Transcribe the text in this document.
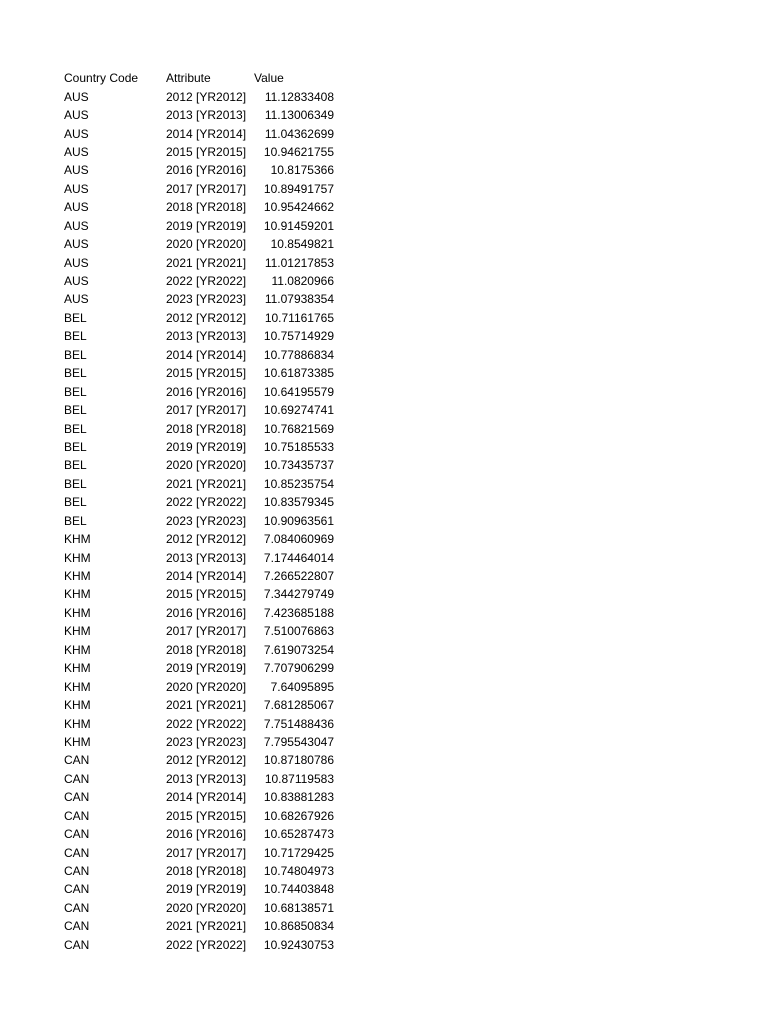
Country Code	Attribute	Value
AUS	2012 [YR2012]	11.12833408
AUS	2013 [YR2013]	11.13006349
AUS	2014 [YR2014]	11.04362699
AUS	2015 [YR2015]	10.94621755
AUS	2016 [YR2016]	10.8175366
AUS	2017 [YR2017]	10.89491757
AUS	2018 [YR2018]	10.95424662
AUS	2019 [YR2019]	10.91459201
AUS	2020 [YR2020]	10.8549821
AUS	2021 [YR2021]	11.01217853
AUS	2022 [YR2022]	11.0820966
AUS	2023 [YR2023]	11.07938354
BEL	2012 [YR2012]	10.71161765
BEL	2013 [YR2013]	10.75714929
BEL	2014 [YR2014]	10.77886834
BEL	2015 [YR2015]	10.61873385
BEL	2016 [YR2016]	10.64195579
BEL	2017 [YR2017]	10.69274741
BEL	2018 [YR2018]	10.76821569
BEL	2019 [YR2019]	10.75185533
BEL	2020 [YR2020]	10.73435737
BEL	2021 [YR2021]	10.85235754
BEL	2022 [YR2022]	10.83579345
BEL	2023 [YR2023]	10.90963561
KHM	2012 [YR2012]	7.084060969
KHM	2013 [YR2013]	7.174464014
KHM	2014 [YR2014]	7.266522807
KHM	2015 [YR2015]	7.344279749
KHM	2016 [YR2016]	7.423685188
KHM	2017 [YR2017]	7.510076863
KHM	2018 [YR2018]	7.619073254
KHM	2019 [YR2019]	7.707906299
KHM	2020 [YR2020]	7.64095895
KHM	2021 [YR2021]	7.681285067
KHM	2022 [YR2022]	7.751488436
KHM	2023 [YR2023]	7.795543047
CAN	2012 [YR2012]	10.87180786
CAN	2013 [YR2013]	10.87119583
CAN	2014 [YR2014]	10.83881283
CAN	2015 [YR2015]	10.68267926
CAN	2016 [YR2016]	10.65287473
CAN	2017 [YR2017]	10.71729425
CAN	2018 [YR2018]	10.74804973
CAN	2019 [YR2019]	10.74403848
CAN	2020 [YR2020]	10.68138571
CAN	2021 [YR2021]	10.86850834
CAN	2022 [YR2022]	10.92430753
